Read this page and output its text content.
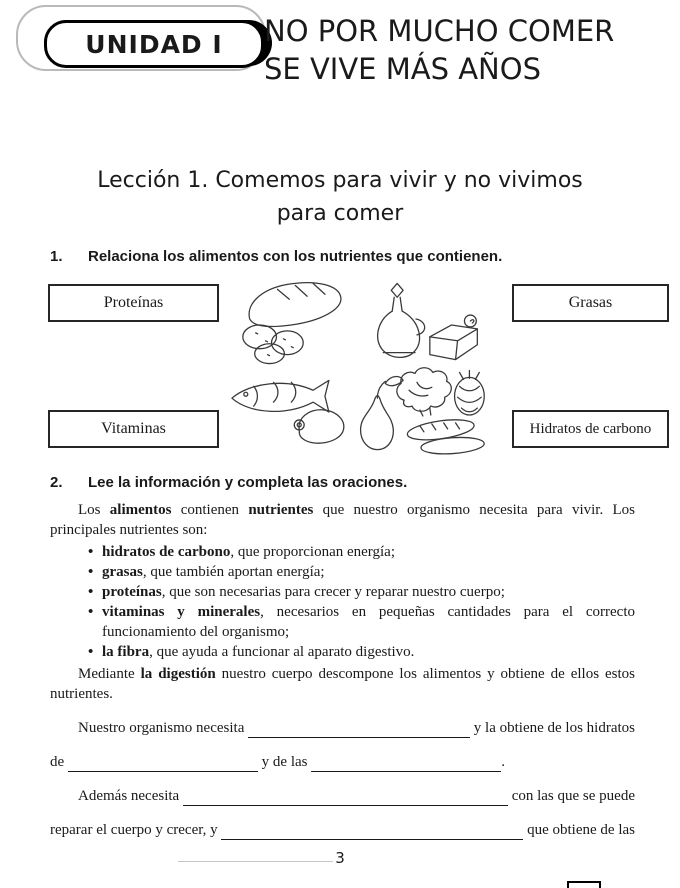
UNIDAD I NO POR MUCHO COMER
SE VIVE MÁS AÑOS
Lección 1. Comemos para vivir y no vivimos
para comer
1. Relaciona los alimentos con los nutrientes que contienen.
Proteínas	Grasas
Vitaminas	Hidratos de carbono
2. Lee la información y completa las oraciones.

Los alimentos contienen nutrientes que nuestro organismo necesita para vivir. Los principales nutrientes son:

• hidratos de carbono, que proporcionan energía;
• grasas, que también aportan energía;
• proteínas, que son necesarias para crecer y reparar nuestro cuerpo;
• vitaminas y minerales, necesarios en pequeñas cantidades para el correcto funcionamiento del organismo;
• la fibra, que ayuda a funcionar al aparato digestivo.

Mediante la digestión nuestro cuerpo descompone los alimentos y obtiene de ellos estos nutrientes.

Nuestro organismo necesita	y la obtiene de los hidratos
de	y de las	.
Además necesita	con las que se puede
reparar el cuerpo y crecer, y	que obtiene de las
3
